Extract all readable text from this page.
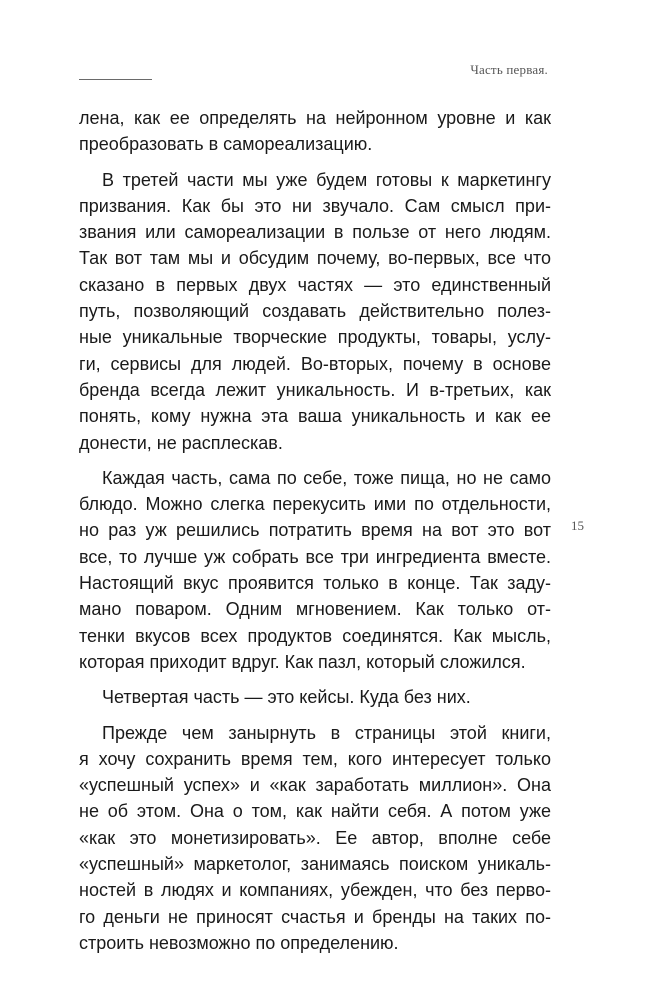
Часть первая.
15
лена, как ее определять на нейронном уровне и как
преобразовать в самореализацию.
В третей части мы уже будем готовы к маркетингу
призвания. Как бы это ни звучало. Сам смысл при-
звания или самореализации в пользе от него людям.
Так вот там мы и обсудим почему, во-первых, все что
сказано в первых двух частях — это единственный
путь, позволяющий создавать действительно полез-
ные уникальные творческие продукты, товары, услу-
ги, сервисы для людей. Во-вторых, почему в основе
бренда всегда лежит уникальность. И в-третьих, как
понять, кому нужна эта ваша уникальность и как ее
донести, не расплескав.
Каждая часть, сама по себе, тоже пища, но не само
блюдо. Можно слегка перекусить ими по отдельности,
но раз уж решились потратить время на вот это вот
все, то лучше уж собрать все три ингредиента вместе.
Настоящий вкус проявится только в конце. Так заду-
мано поваром. Одним мгновением. Как только от-
тенки вкусов всех продуктов соединятся. Как мысль,
которая приходит вдруг. Как пазл, который сложился.
Четвертая часть — это кейсы. Куда без них.
Прежде чем занырнуть в страницы этой книги,
я хочу сохранить время тем, кого интересует только
«успешный успех» и «как заработать миллион». Она
не об этом. Она о том, как найти себя. А потом уже
«как это монетизировать». Ее автор, вполне себе
«успешный» маркетолог, занимаясь поиском уникаль-
ностей в людях и компаниях, убежден, что без перво-
го деньги не приносят счастья и бренды на таких по-
строить невозможно по определению.
